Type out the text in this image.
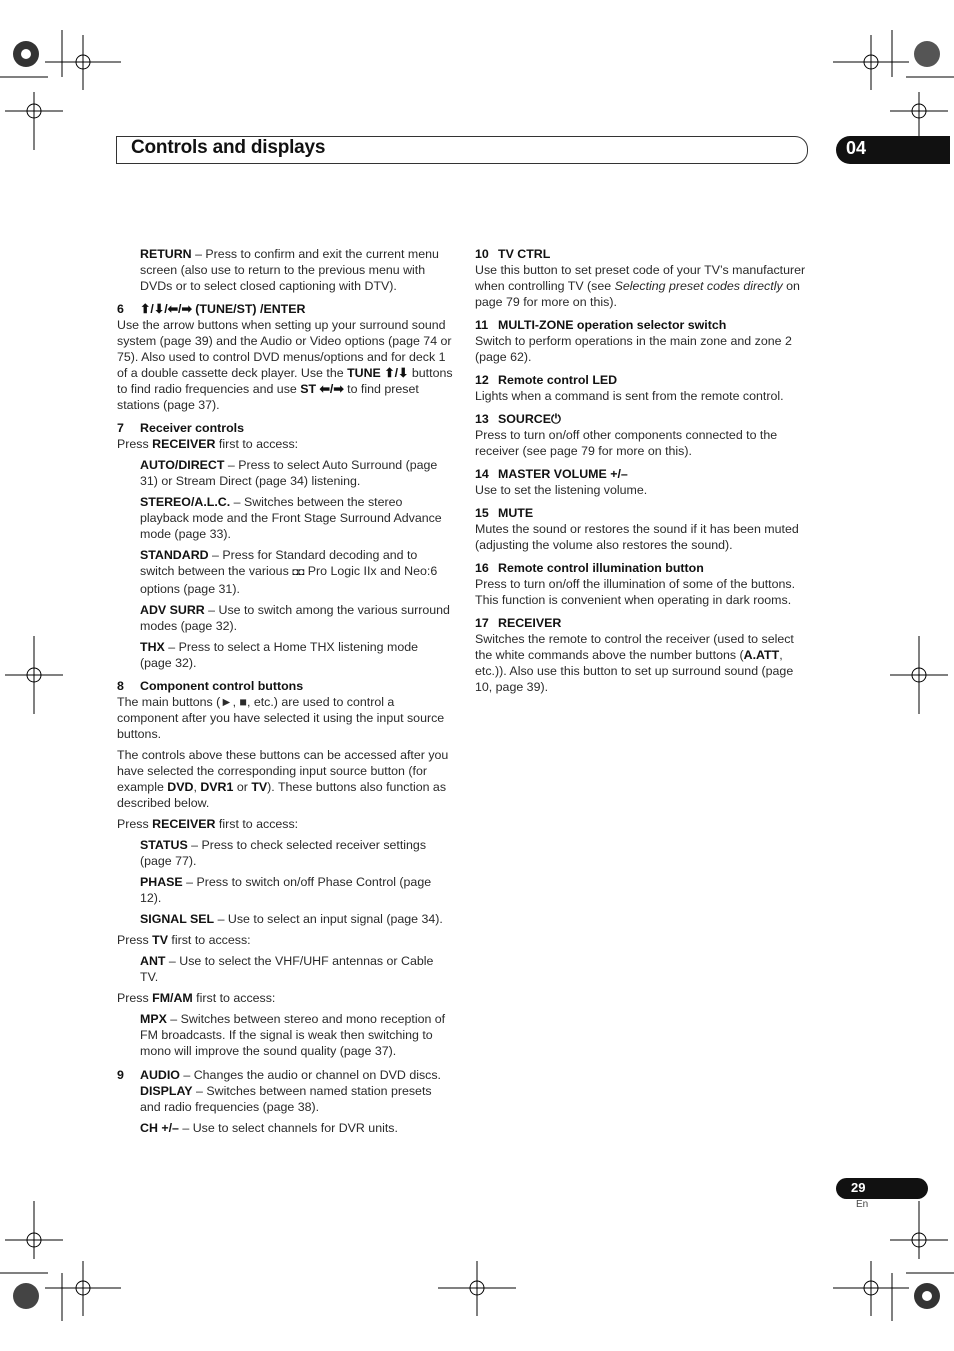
Controls and displays	04

RETURN – Press to confirm and exit the current menu screen (also use to return to the previous menu with DVDs or to select closed captioning with DTV).

6 ⬆/⬇/⬅/➡ (TUNE/ST) /ENTER

Use the arrow buttons when setting up your surround sound system (page 39) and the Audio or Video options (page 74 or 75). Also used to control DVD menus/options and for deck 1 of a double cassette deck player. Use the TUNE ⬆/⬇ buttons to find radio frequencies and use ST ⬅/➡ to find preset stations (page 37).

7 Receiver controls

Press RECEIVER first to access:

AUTO/DIRECT – Press to select Auto Surround (page 31) or Stream Direct (page 34) listening.

STEREO/A.L.C. – Switches between the stereo playback mode and the Front Stage Surround Advance mode (page 33).

STANDARD – Press for Standard decoding and to switch between the various ◘◘ Pro Logic IIx and Neo:6 options (page 31).

ADV SURR – Use to switch among the various surround modes (page 32).

THX – Press to select a Home THX listening mode (page 32).

8 Component control buttons

The main buttons (►, ■, etc.) are used to control a component after you have selected it using the input source buttons.

The controls above these buttons can be accessed after you have selected the corresponding input source button (for example DVD, DVR1 or TV). These buttons also function as described below.

Press RECEIVER first to access:

STATUS – Press to check selected receiver settings (page 77).

PHASE – Press to switch on/off Phase Control (page 12).

SIGNAL SEL – Use to select an input signal (page 34).

Press TV first to access:

ANT – Use to select the VHF/UHF antennas or Cable TV.

Press FM/AM first to access:

MPX – Switches between stereo and mono reception of FM broadcasts. If the signal is weak then switching to mono will improve the sound quality (page 37).

9 AUDIO – Changes the audio or channel on DVD discs.

DISPLAY – Switches between named station presets and radio frequencies (page 38).

CH +/– – Use to select channels for DVR units.

10 TV CTRL

Use this button to set preset code of your TV’s manufacturer when controlling TV (see Selecting preset codes directly on page 79 for more on this).

11 MULTI-ZONE operation selector switch

Switch to perform operations in the main zone and zone 2 (page 62).

12 Remote control LED

Lights when a command is sent from the remote control.

13 SOURCE⏻

Press to turn on/off other components connected to the receiver (see page 79 for more on this).

14 MASTER VOLUME +/–

Use to set the listening volume.

15 MUTE

Mutes the sound or restores the sound if it has been muted (adjusting the volume also restores the sound).

16 Remote control illumination button

Press to turn on/off the illumination of some of the buttons. This function is convenient when operating in dark rooms.

17 RECEIVER

Switches the remote to control the receiver (used to select the white commands above the number buttons (A.ATT, etc.)). Also use this button to set up surround sound (page 10, page 39).

29
En
